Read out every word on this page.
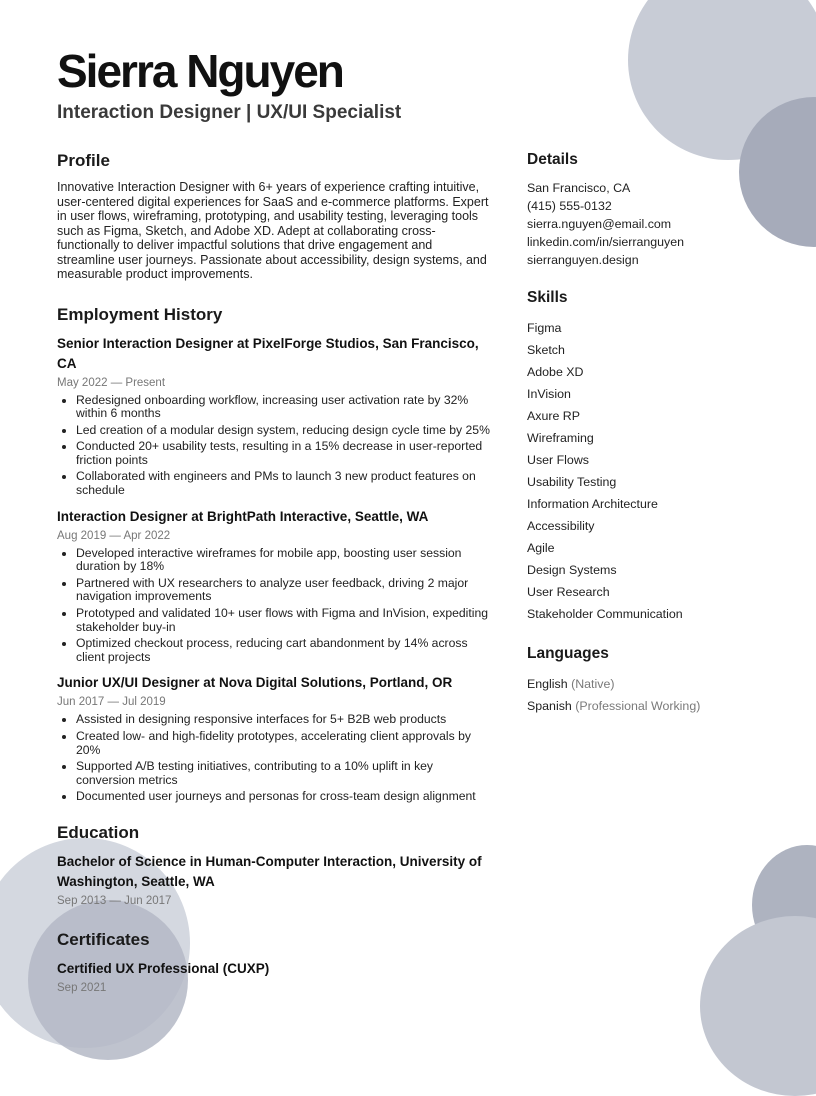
Sierra Nguyen
Interaction Designer | UX/UI Specialist
Profile

Innovative Interaction Designer with 6+ years of experience crafting intuitive, user-centered digital experiences for SaaS and e-commerce platforms. Expert in user flows, wireframing, prototyping, and usability testing, leveraging tools such as Figma, Sketch, and Adobe XD. Adept at collaborating cross-functionally to deliver impactful solutions that drive engagement and streamline user journeys. Passionate about accessibility, design systems, and measurable product improvements.

Employment History

Senior Interaction Designer at PixelForge Studios, San Francisco, CA

May 2022 — Present

• Redesigned onboarding workflow, increasing user activation rate by 32% within 6 months
• Led creation of a modular design system, reducing design cycle time by 25%
• Conducted 20+ usability tests, resulting in a 15% decrease in user-reported friction points
• Collaborated with engineers and PMs to launch 3 new product features on schedule

Interaction Designer at BrightPath Interactive, Seattle, WA

Aug 2019 — Apr 2022

• Developed interactive wireframes for mobile app, boosting user session duration by 18%
• Partnered with UX researchers to analyze user feedback, driving 2 major navigation improvements
• Prototyped and validated 10+ user flows with Figma and InVision, expediting stakeholder buy-in
• Optimized checkout process, reducing cart abandonment by 14% across client projects

Junior UX/UI Designer at Nova Digital Solutions, Portland, OR

Jun 2017 — Jul 2019

• Assisted in designing responsive interfaces for 5+ B2B web products
• Created low- and high-fidelity prototypes, accelerating client approvals by 20%
• Supported A/B testing initiatives, contributing to a 10% uplift in key conversion metrics
• Documented user journeys and personas for cross-team design alignment
Education

Bachelor of Science in Human-Computer Interaction, University of Washington, Seattle, WA

Sep 2013 — Jun 2017

Certificates

Certified UX Professional (CUXP)

Sep 2021

Details
San Francisco, CA
(415) 555-0132
sierra.nguyen@email.com
linkedin.com/in/sierranguyen
sierranguyen.design
Skills
Figma
Sketch
Adobe XD
InVision
Axure RP
Wireframing
User Flows
Usability Testing
Information Architecture
Accessibility
Agile
Design Systems
User Research
Stakeholder Communication
Languages
English (Native)
Spanish (Professional Working)
